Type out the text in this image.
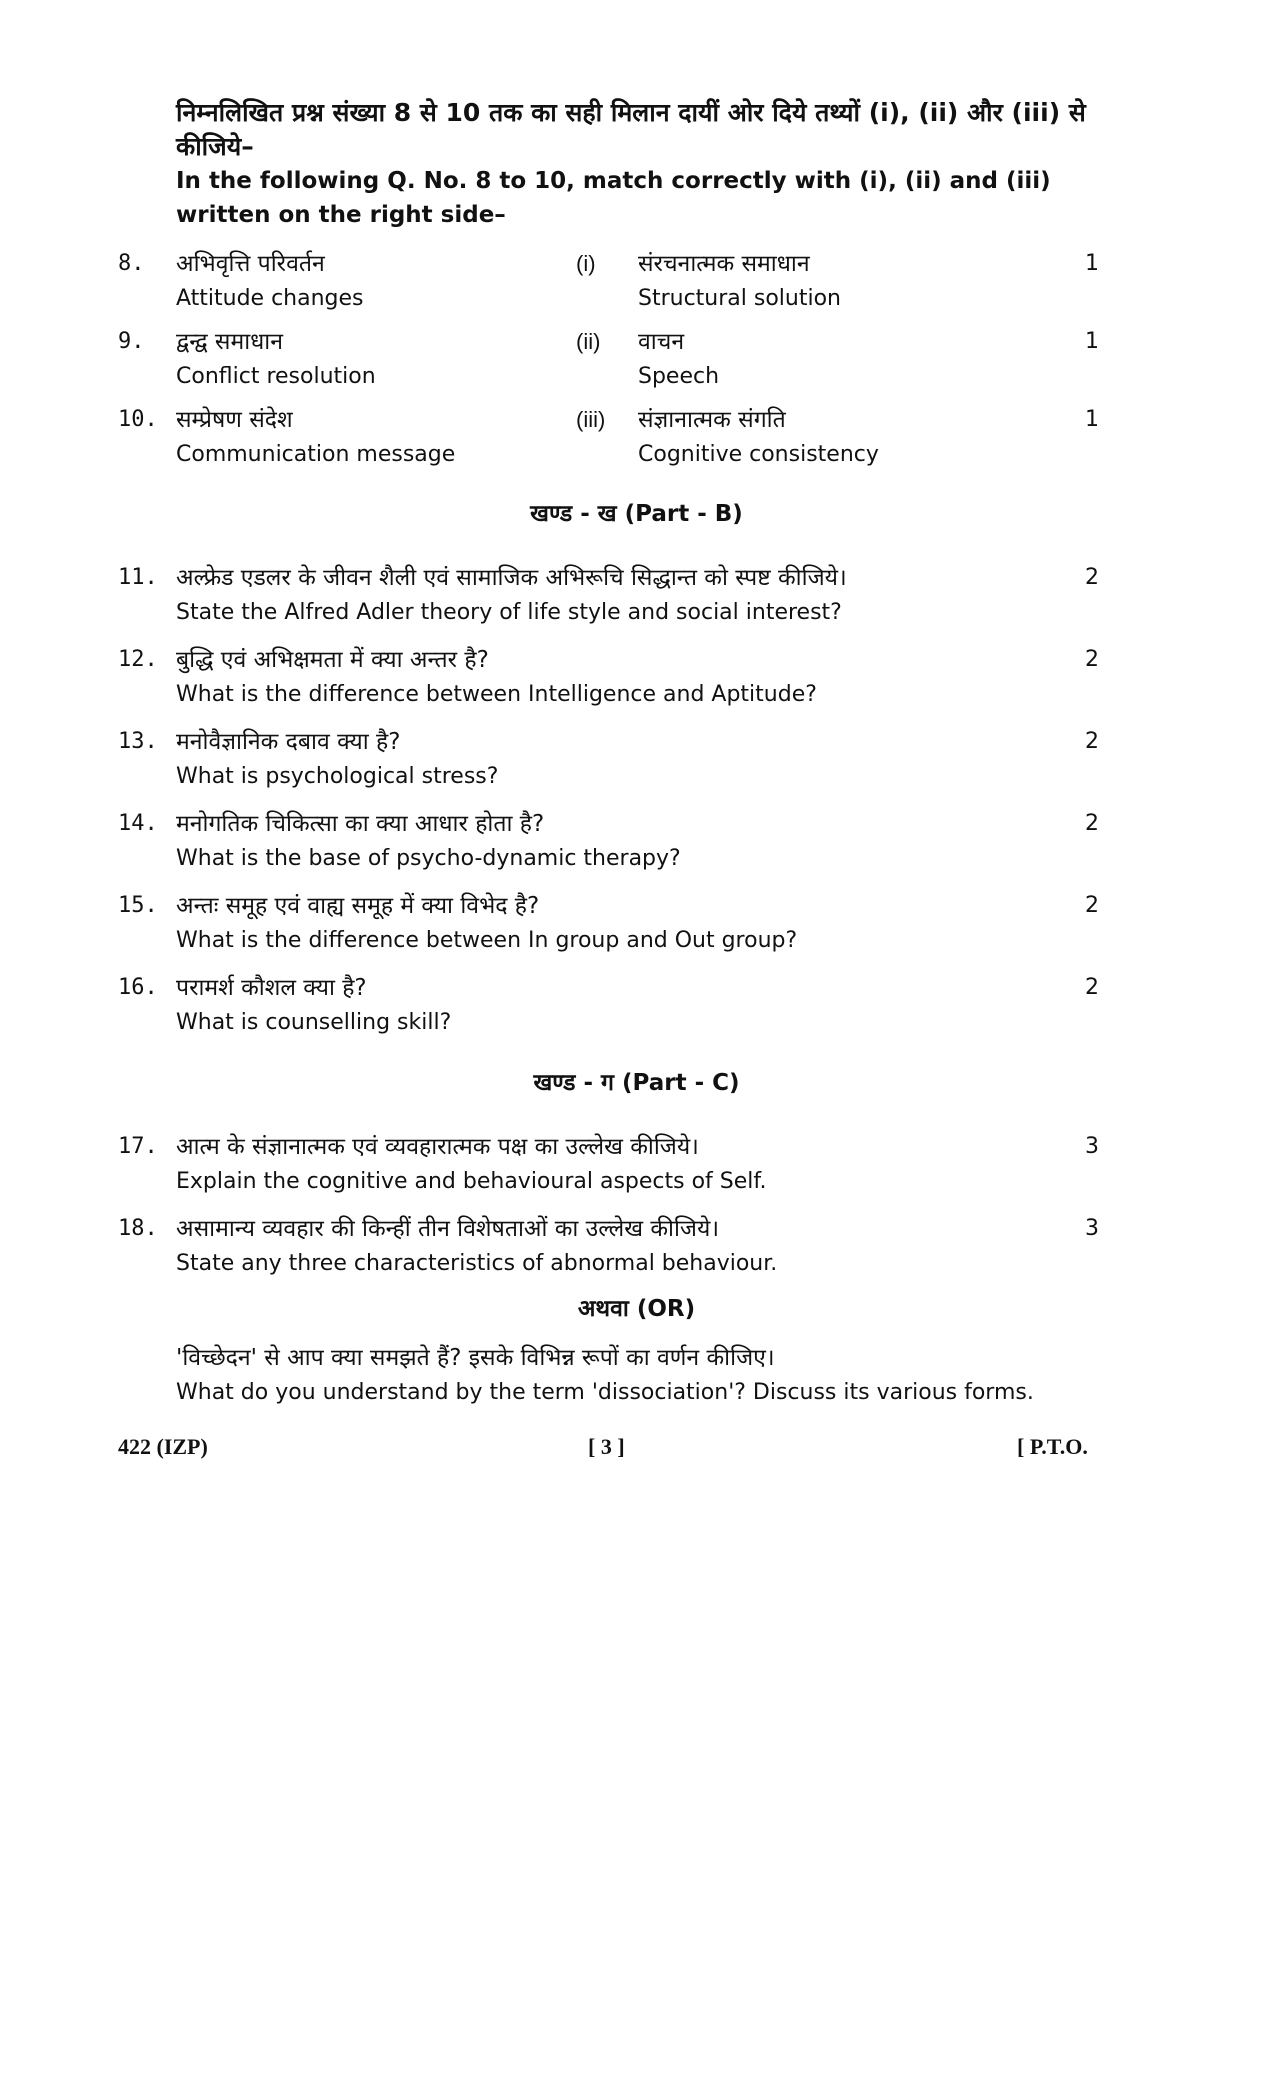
निम्नलिखित प्रश्न संख्या 8 से 10 तक का सही मिलान दायीं ओर दिये तथ्यों (i), (ii) और (iii) से कीजिये–

In the following Q. No. 8 to 10, match correctly with (i), (ii) and (iii) written on the right side–

8. अभिवृत्ति परिवर्तन
Attitude changes
(i) संरचनात्मक समाधान
Structural solution
1
9. द्वन्द्व समाधान
Conflict resolution
(ii) वाचन
Speech
1
10. सम्प्रेषण संदेश
Communication message
(iii) संज्ञानात्मक संगति
Cognitive consistency
1
खण्ड - ख (Part - B)
11. अल्फ्रेड एडलर के जीवन शैली एवं सामाजिक अभिरूचि सिद्धान्त को स्पष्ट कीजिये।
State the Alfred Adler theory of life style and social interest?
2
12. बुद्धि एवं अभिक्षमता में क्या अन्तर है?
What is the difference between Intelligence and Aptitude?
2
13. मनोवैज्ञानिक दबाव क्या है?
What is psychological stress?
2
14. मनोगतिक चिकित्सा का क्या आधार होता है?
What is the base of psycho-dynamic therapy?
2
15. अन्तः समूह एवं वाह्य समूह में क्या विभेद है?
What is the difference between In group and Out group?
2
16. परामर्श कौशल क्या है?
What is counselling skill?
2
खण्ड - ग (Part - C)
17. आत्म के संज्ञानात्मक एवं व्यवहारात्मक पक्ष का उल्लेख कीजिये।
Explain the cognitive and behavioural aspects of Self.
3
18. असामान्य व्यवहार की किन्हीं तीन विशेषताओं का उल्लेख कीजिये।
State any three characteristics of abnormal behaviour.
3
अथवा (OR)
'विच्छेदन' से आप क्या समझते हैं? इसके विभिन्न रूपों का वर्णन कीजिए।
What do you understand by the term 'dissociation'? Discuss its various forms.
422 (IZP)	[ 3 ]	[ P.T.O.
